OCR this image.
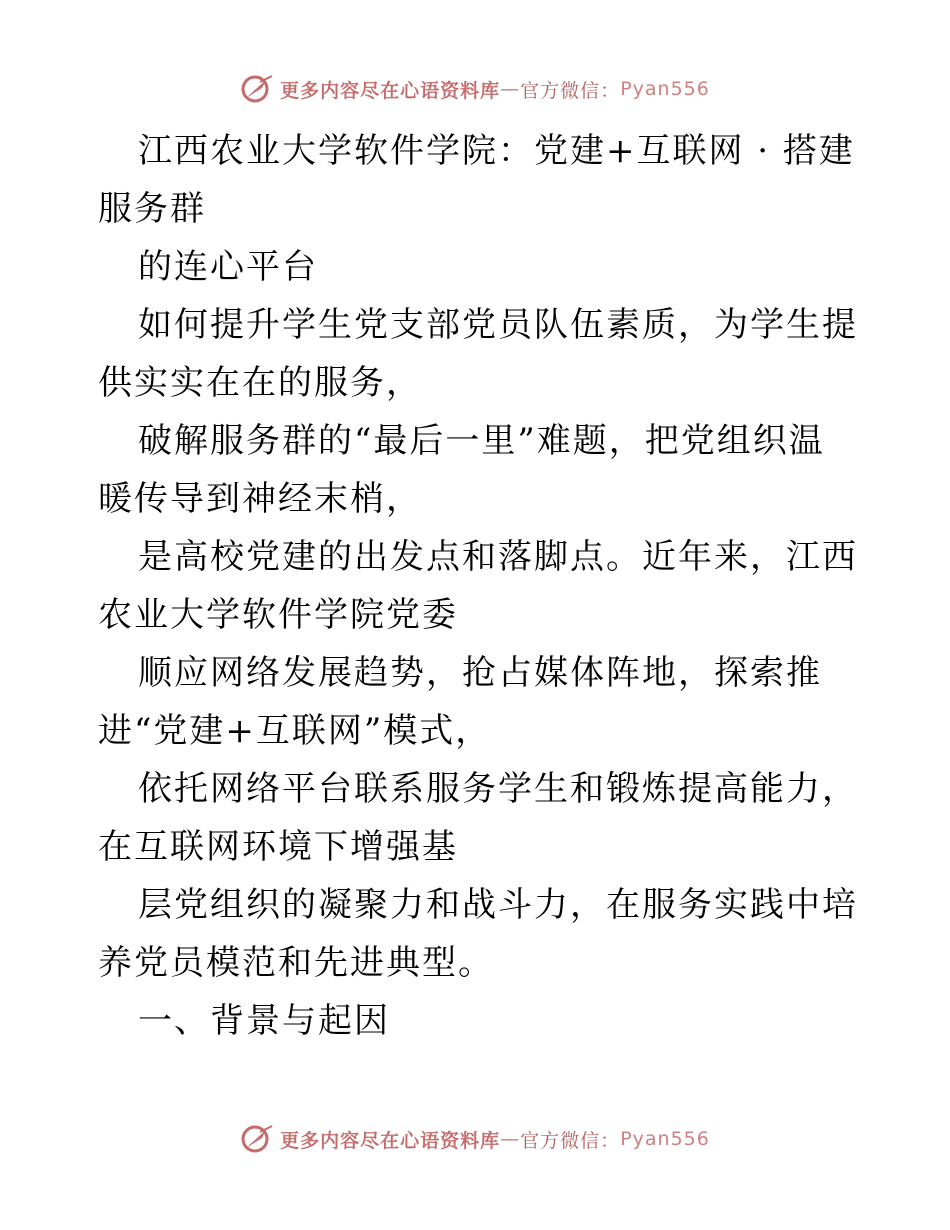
更多内容尽在心语资料库 — 官方微信： Pyan556

江西农业大学软件学院：党建+互联网 · 搭建服务群

的连心平台

如何提升学生党支部党员队伍素质，为学生提供实实在在的服务，

破解服务群的“最后一里”难题，把党组织温暖传导到神经末梢，

是高校党建的出发点和落脚点。近年来，江西农业大学软件学院党委

顺应网络发展趋势，抢占媒体阵地，探索推进“党建+互联网”模式，

依托网络平台联系服务学生和锻炼提高能力，在互联网环境下增强基

层党组织的凝聚力和战斗力，在服务实践中培养党员模范和先进典型。

一、背景与起因

更多内容尽在心语资料库 — 官方微信： Pyan556
